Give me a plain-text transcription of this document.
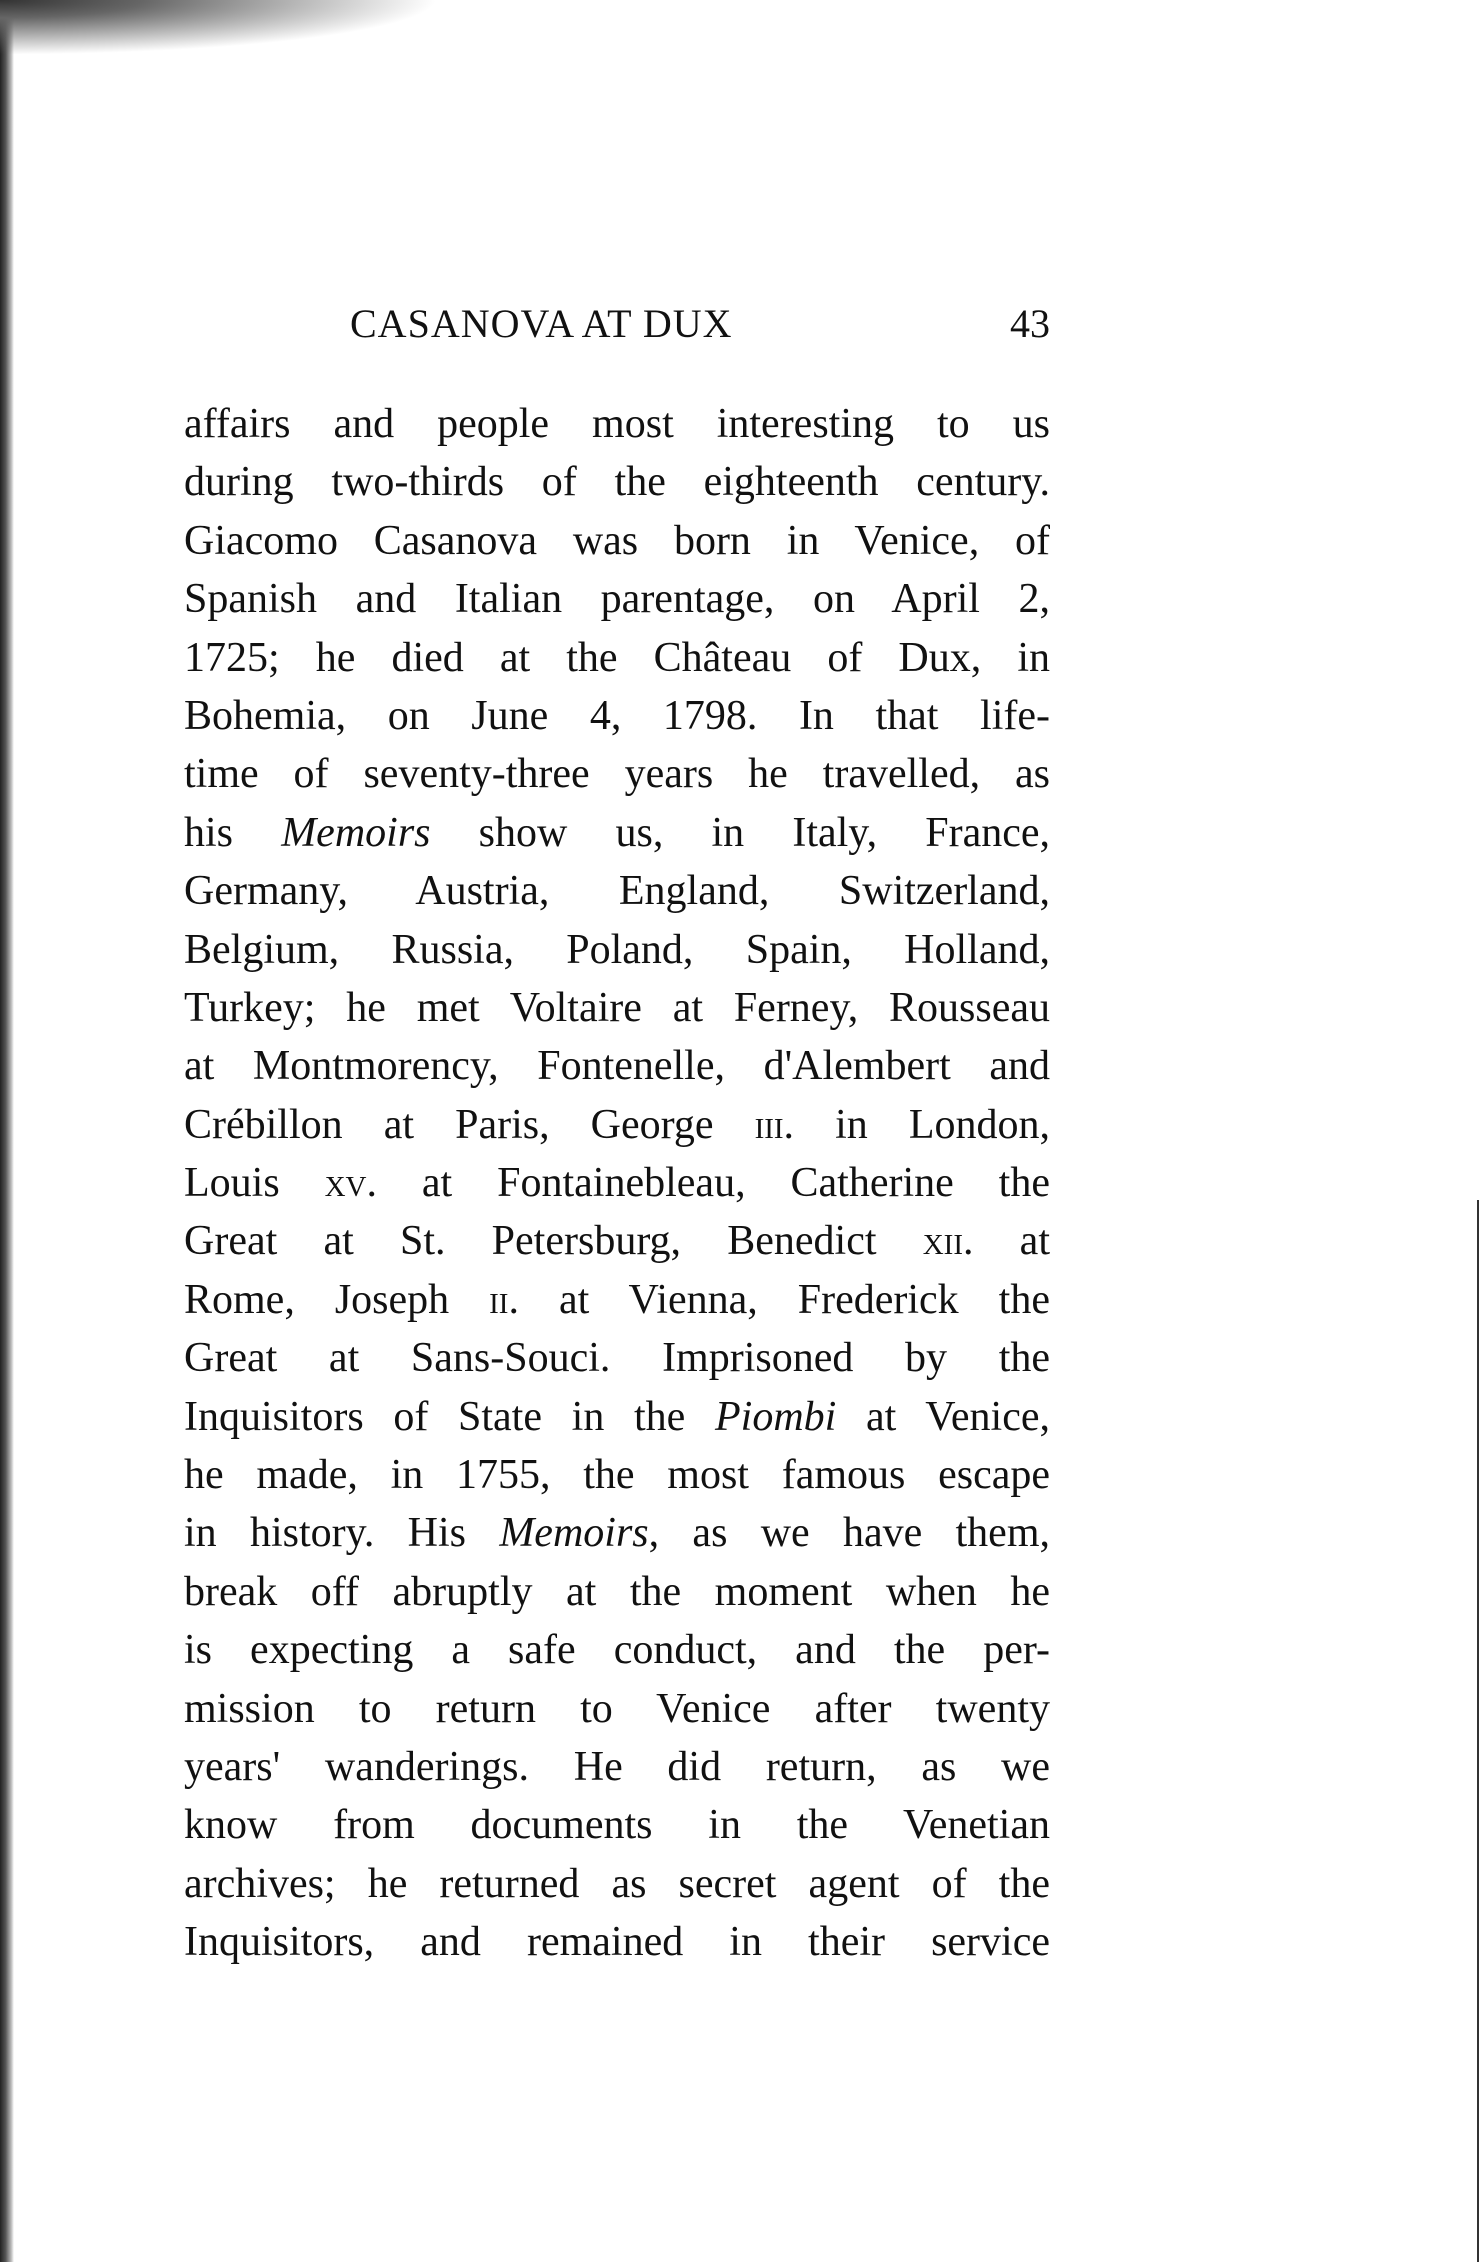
CASANOVA AT DUX	43
affairs and people most interesting to us
during two-thirds of the eighteenth century.
Giacomo Casanova was born in Venice, of
Spanish and Italian parentage, on April 2,
1725; he died at the Château of Dux, in
Bohemia, on June 4, 1798. In that life-
time of seventy-three years he travelled, as
his Memoirs show us, in Italy, France,
Germany, Austria, England, Switzerland,
Belgium, Russia, Poland, Spain, Holland,
Turkey; he met Voltaire at Ferney, Rousseau
at Montmorency, Fontenelle, d'Alembert and
Crébillon at Paris, George iii. in London,
Louis xv. at Fontainebleau, Catherine the
Great at St. Petersburg, Benedict xii. at
Rome, Joseph ii. at Vienna, Frederick the
Great at Sans-Souci. Imprisoned by the
Inquisitors of State in the Piombi at Venice,
he made, in 1755, the most famous escape
in history. His Memoirs, as we have them,
break off abruptly at the moment when he
is expecting a safe conduct, and the per-
mission to return to Venice after twenty
years' wanderings. He did return, as we
know from documents in the Venetian
archives; he returned as secret agent of the
Inquisitors, and remained in their service
